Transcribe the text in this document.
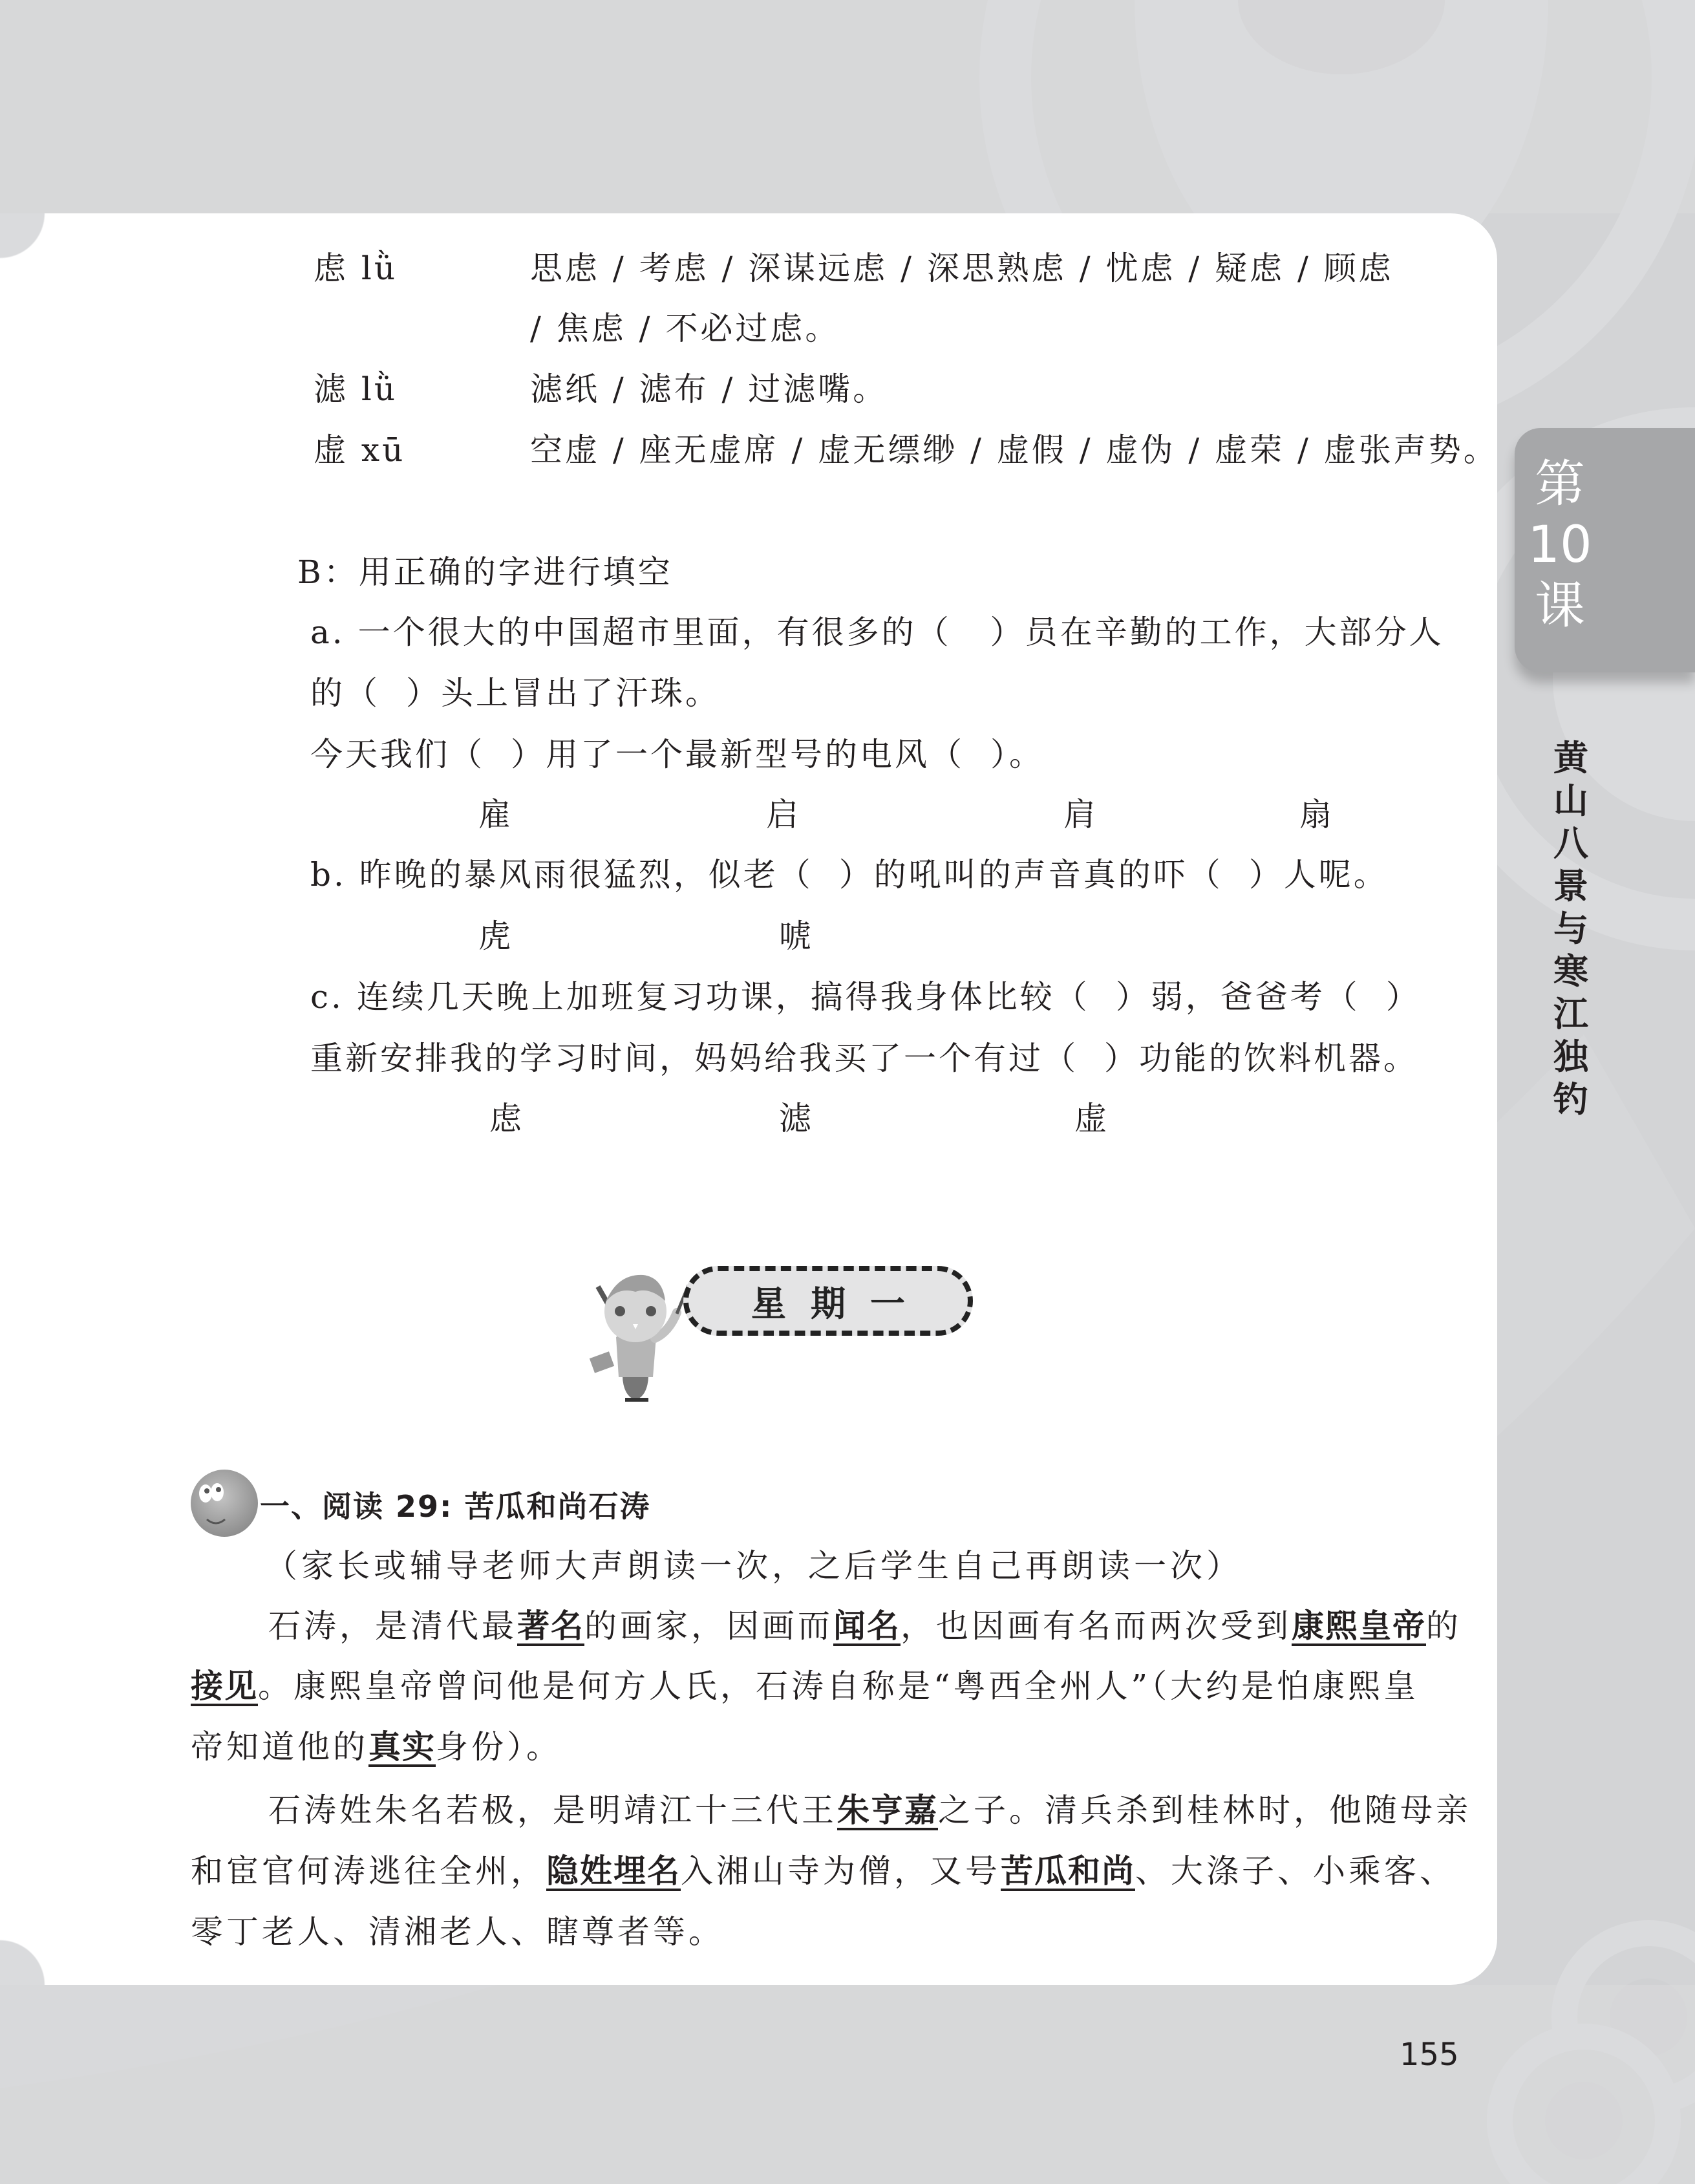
虑 lǜ	思虑 / 考虑 / 深谋远虑 / 深思熟虑 / 忧虑 / 疑虑 / 顾虑
/ 焦虑 / 不必过虑。
滤 lǜ	滤纸 / 滤布 / 过滤嘴。
虚 xū	空虚 / 座无虚席 / 虚无缥缈 / 虚假 / 虚伪 / 虚荣 / 虚张声势。
B：用正确的字进行填空
a. 一个很大的中国超市里面，有很多的（ ）员在辛勤的工作，大部分人
的（ ）头上冒出了汗珠。
今天我们（ ）用了一个最新型号的电风（ ）。
雇	启	肩	扇
b. 昨晚的暴风雨很猛烈，似老（ ）的吼叫的声音真的吓（ ）人呢。
虎	唬
c. 连续几天晚上加班复习功课，搞得我身体比较（ ）弱，爸爸考（ ）
重新安排我的学习时间，妈妈给我买了一个有过（ ）功能的饮料机器。
虑	滤	虚
星期一
一、阅读 29: 苦瓜和尚石涛
（家长或辅导老师大声朗读一次，之后学生自己再朗读一次）
石涛，是清代最著名的画家，因画而闻名，也因画有名而两次受到康熙皇帝的
接见。康熙皇帝曾问他是何方人氏，石涛自称是“粤西全州人”（大约是怕康熙皇
帝知道他的真实身份）。
石涛姓朱名若极，是明靖江十三代王朱亨嘉之子。清兵杀到桂林时，他随母亲
和宦官何涛逃往全州，隐姓埋名入湘山寺为僧，又号苦瓜和尚、大涤子、小乘客、
零丁老人、清湘老人、瞎尊者等。
第
10
课
黄
山
八
景
与
寒
江
独
钓
155
